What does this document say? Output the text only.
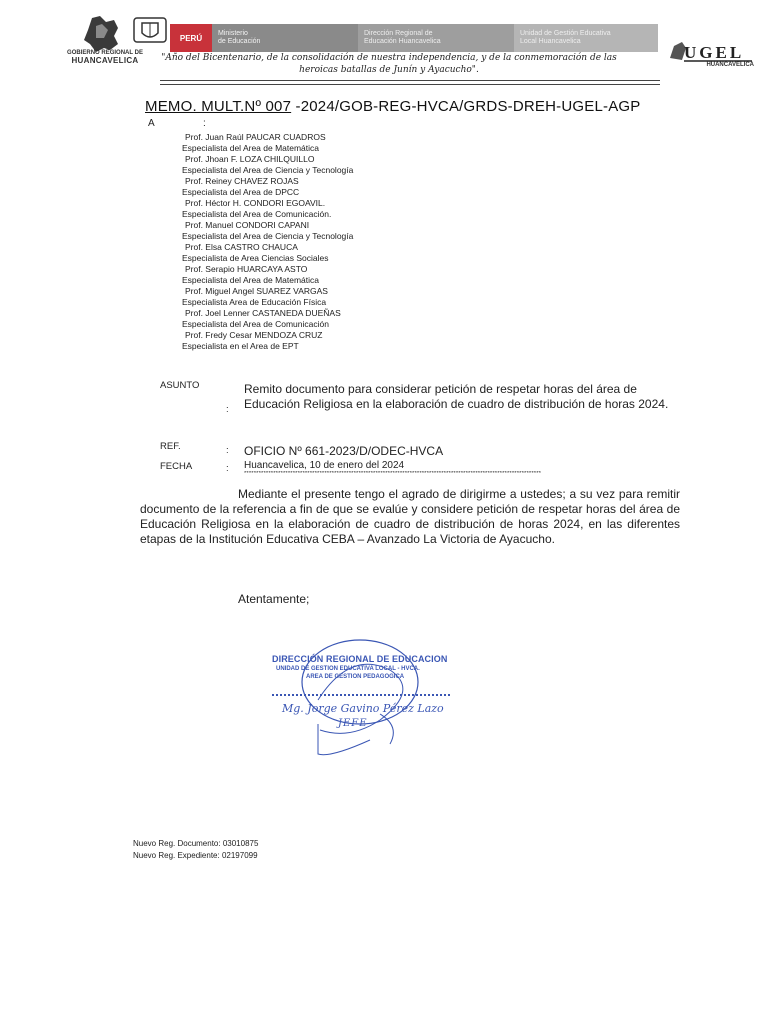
GOBIERNO REGIONAL DE
HUANCAVELICA
PERÚ	Ministerio
de Educación
Dirección Regional de
Educación Huancavelica
Unidad de Gestión Educativa
Local Huancavelica
"Año del Bicentenario, de la consolidación de nuestra independencia, y de la conmemoración de las
heroicas batallas de Junín y Ayacucho".
UGEL
HUANCAVELICA
MEMO. MULT.Nº 007 -2024/GOB-REG-HVCA/GRDS-DREH-UGEL-AGP
A	:
Prof. Juan Raúl PAUCAR CUADROS
Especialista del Area de Matemática
Prof. Jhoan F. LOZA CHILQUILLO
Especialista del Area de Ciencia y Tecnología
Prof. Reiney CHAVEZ ROJAS
Especialista del Area de DPCC
Prof. Héctor H. CONDORI EGOAVIL.
Especialista del Area de Comunicación.
Prof. Manuel CONDORI CAPANI
Especialista del Area de Ciencia y Tecnología
Prof. Elsa CASTRO CHAUCA
Especialista de Area Ciencias Sociales
Prof. Serapio HUARCAYA ASTO
Especialista del Area de Matemática
Prof. Miguel Angel SUAREZ VARGAS
Especialista Area de Educación Física
Prof. Joel Lenner CASTANEDA DUEÑAS
Especialista del Area de Comunicación
Prof. Fredy Cesar MENDOZA CRUZ
Especialista en el Area de EPT
ASUNTO
:
Remito documento para considerar petición de respetar horas del área de Educación Religiosa en la elaboración de cuadro de distribución de horas 2024.
REF.	: OFICIO Nº 661-2023/D/ODEC-HVCA
FECHA	: Huancavelica, 10 de enero del 2024
**************************************************************************************************************************
Mediante el presente tengo el agrado de dirigirme a ustedes; a su vez para remitir documento de la referencia a fin de que se evalúe y considere petición de respetar horas del área de Educación Religiosa en la elaboración de cuadro de distribución de horas 2024, en las diferentes etapas de la Institución Educativa CEBA – Avanzado La Victoria de Ayacucho.
Atentamente;
DIRECCIÓN REGIONAL DE EDUCACION
UNIDAD DE GESTION EDUCATIVA LOCAL - HVCA.
AREA DE GESTION PEDAGOGICA
Mg. Jorge Gavino Pérez Lazo
JEFE
Nuevo Reg. Documento: 03010875
Nuevo Reg. Expediente: 02197099
